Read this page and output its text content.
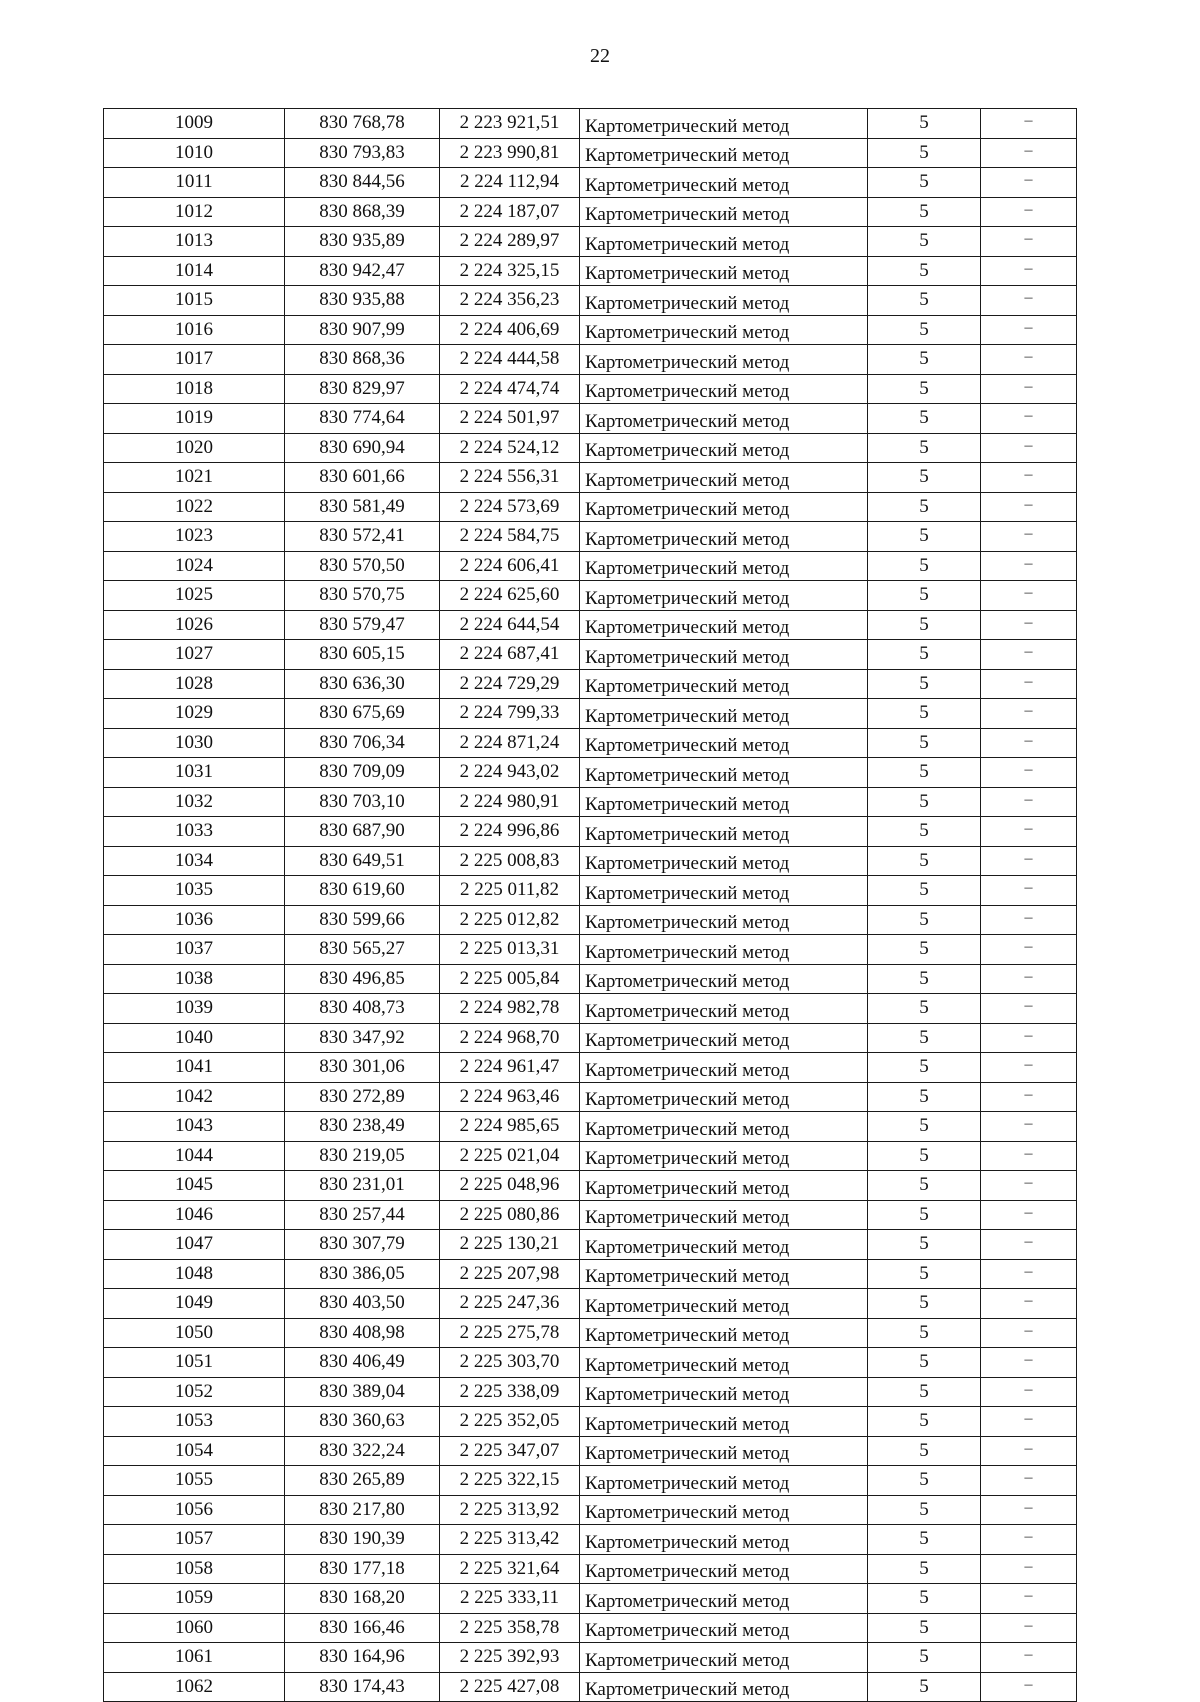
22
1009	830 768,78	2 223 921,51	Картометрический метод	5	–
1010	830 793,83	2 223 990,81	Картометрический метод	5	–
1011	830 844,56	2 224 112,94	Картометрический метод	5	–
1012	830 868,39	2 224 187,07	Картометрический метод	5	–
1013	830 935,89	2 224 289,97	Картометрический метод	5	–
1014	830 942,47	2 224 325,15	Картометрический метод	5	–
1015	830 935,88	2 224 356,23	Картометрический метод	5	–
1016	830 907,99	2 224 406,69	Картометрический метод	5	–
1017	830 868,36	2 224 444,58	Картометрический метод	5	–
1018	830 829,97	2 224 474,74	Картометрический метод	5	–
1019	830 774,64	2 224 501,97	Картометрический метод	5	–
1020	830 690,94	2 224 524,12	Картометрический метод	5	–
1021	830 601,66	2 224 556,31	Картометрический метод	5	–
1022	830 581,49	2 224 573,69	Картометрический метод	5	–
1023	830 572,41	2 224 584,75	Картометрический метод	5	–
1024	830 570,50	2 224 606,41	Картометрический метод	5	–
1025	830 570,75	2 224 625,60	Картометрический метод	5	–
1026	830 579,47	2 224 644,54	Картометрический метод	5	–
1027	830 605,15	2 224 687,41	Картометрический метод	5	–
1028	830 636,30	2 224 729,29	Картометрический метод	5	–
1029	830 675,69	2 224 799,33	Картометрический метод	5	–
1030	830 706,34	2 224 871,24	Картометрический метод	5	–
1031	830 709,09	2 224 943,02	Картометрический метод	5	–
1032	830 703,10	2 224 980,91	Картометрический метод	5	–
1033	830 687,90	2 224 996,86	Картометрический метод	5	–
1034	830 649,51	2 225 008,83	Картометрический метод	5	–
1035	830 619,60	2 225 011,82	Картометрический метод	5	–
1036	830 599,66	2 225 012,82	Картометрический метод	5	–
1037	830 565,27	2 225 013,31	Картометрический метод	5	–
1038	830 496,85	2 225 005,84	Картометрический метод	5	–
1039	830 408,73	2 224 982,78	Картометрический метод	5	–
1040	830 347,92	2 224 968,70	Картометрический метод	5	–
1041	830 301,06	2 224 961,47	Картометрический метод	5	–
1042	830 272,89	2 224 963,46	Картометрический метод	5	–
1043	830 238,49	2 224 985,65	Картометрический метод	5	–
1044	830 219,05	2 225 021,04	Картометрический метод	5	–
1045	830 231,01	2 225 048,96	Картометрический метод	5	–
1046	830 257,44	2 225 080,86	Картометрический метод	5	–
1047	830 307,79	2 225 130,21	Картометрический метод	5	–
1048	830 386,05	2 225 207,98	Картометрический метод	5	–
1049	830 403,50	2 225 247,36	Картометрический метод	5	–
1050	830 408,98	2 225 275,78	Картометрический метод	5	–
1051	830 406,49	2 225 303,70	Картометрический метод	5	–
1052	830 389,04	2 225 338,09	Картометрический метод	5	–
1053	830 360,63	2 225 352,05	Картометрический метод	5	–
1054	830 322,24	2 225 347,07	Картометрический метод	5	–
1055	830 265,89	2 225 322,15	Картометрический метод	5	–
1056	830 217,80	2 225 313,92	Картометрический метод	5	–
1057	830 190,39	2 225 313,42	Картометрический метод	5	–
1058	830 177,18	2 225 321,64	Картометрический метод	5	–
1059	830 168,20	2 225 333,11	Картометрический метод	5	–
1060	830 166,46	2 225 358,78	Картометрический метод	5	–
1061	830 164,96	2 225 392,93	Картометрический метод	5	–
1062	830 174,43	2 225 427,08	Картометрический метод	5	–
